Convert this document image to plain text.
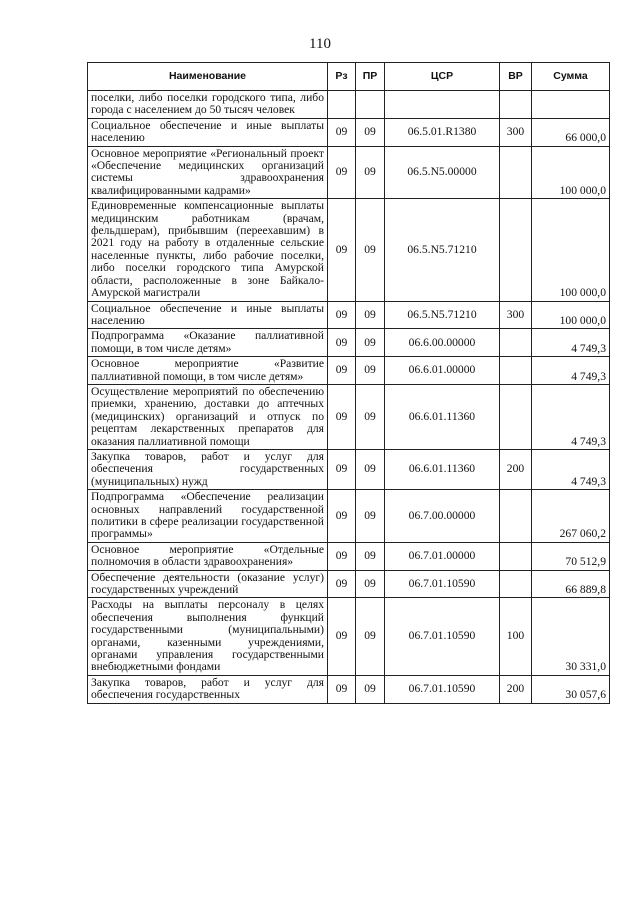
110
Наименование	Рз	ПР	ЦСР	ВР	Сумма
поселки, либо поселки городского типа, либо города с населением до 50 тысяч человек					
Социальное обеспечение и иные выплаты населению	09	09	06.5.01.R1380	300	66 000,0
Основное мероприятие «Региональный проект «Обеспечение медицинских организаций системы здравоохранения квалифицированными кадрами»	09	09	06.5.N5.00000		100 000,0
Единовременные компенсационные выплаты медицинским работникам (врачам, фельдшерам), прибывшим (переехавшим) в 2021 году на работу в отдаленные сельские населенные пункты, либо рабочие поселки, либо поселки городского типа Амурской области, расположенные в зоне Байкало-Амурской магистрали	09	09	06.5.N5.71210		100 000,0
Социальное обеспечение и иные выплаты населению	09	09	06.5.N5.71210	300	100 000,0
Подпрограмма «Оказание паллиативной помощи, в том числе детям»	09	09	06.6.00.00000		4 749,3
Основное мероприятие «Развитие паллиативной помощи, в том числе детям»	09	09	06.6.01.00000		4 749,3
Осуществление мероприятий по обеспечению приемки, хранению, доставки до аптечных (медицинских) организаций и отпуск по рецептам лекарственных препаратов для оказания паллиативной помощи	09	09	06.6.01.11360		4 749,3
Закупка товаров, работ и услуг для обеспечения государственных (муниципальных) нужд	09	09	06.6.01.11360	200	4 749,3
Подпрограмма «Обеспечение реализации основных направлений государственной политики в сфере реализации государственной программы»	09	09	06.7.00.00000		267 060,2
Основное мероприятие «Отдельные полномочия в области здравоохранения»	09	09	06.7.01.00000		70 512,9
Обеспечение деятельности (оказание услуг) государственных учреждений	09	09	06.7.01.10590		66 889,8
Расходы на выплаты персоналу в целях обеспечения выполнения функций государственными (муниципальными) органами, казенными учреждениями, органами управления государственными внебюджетными фондами	09	09	06.7.01.10590	100	30 331,0
Закупка товаров, работ и услуг для обеспечения государственных	09	09	06.7.01.10590	200	30 057,6
